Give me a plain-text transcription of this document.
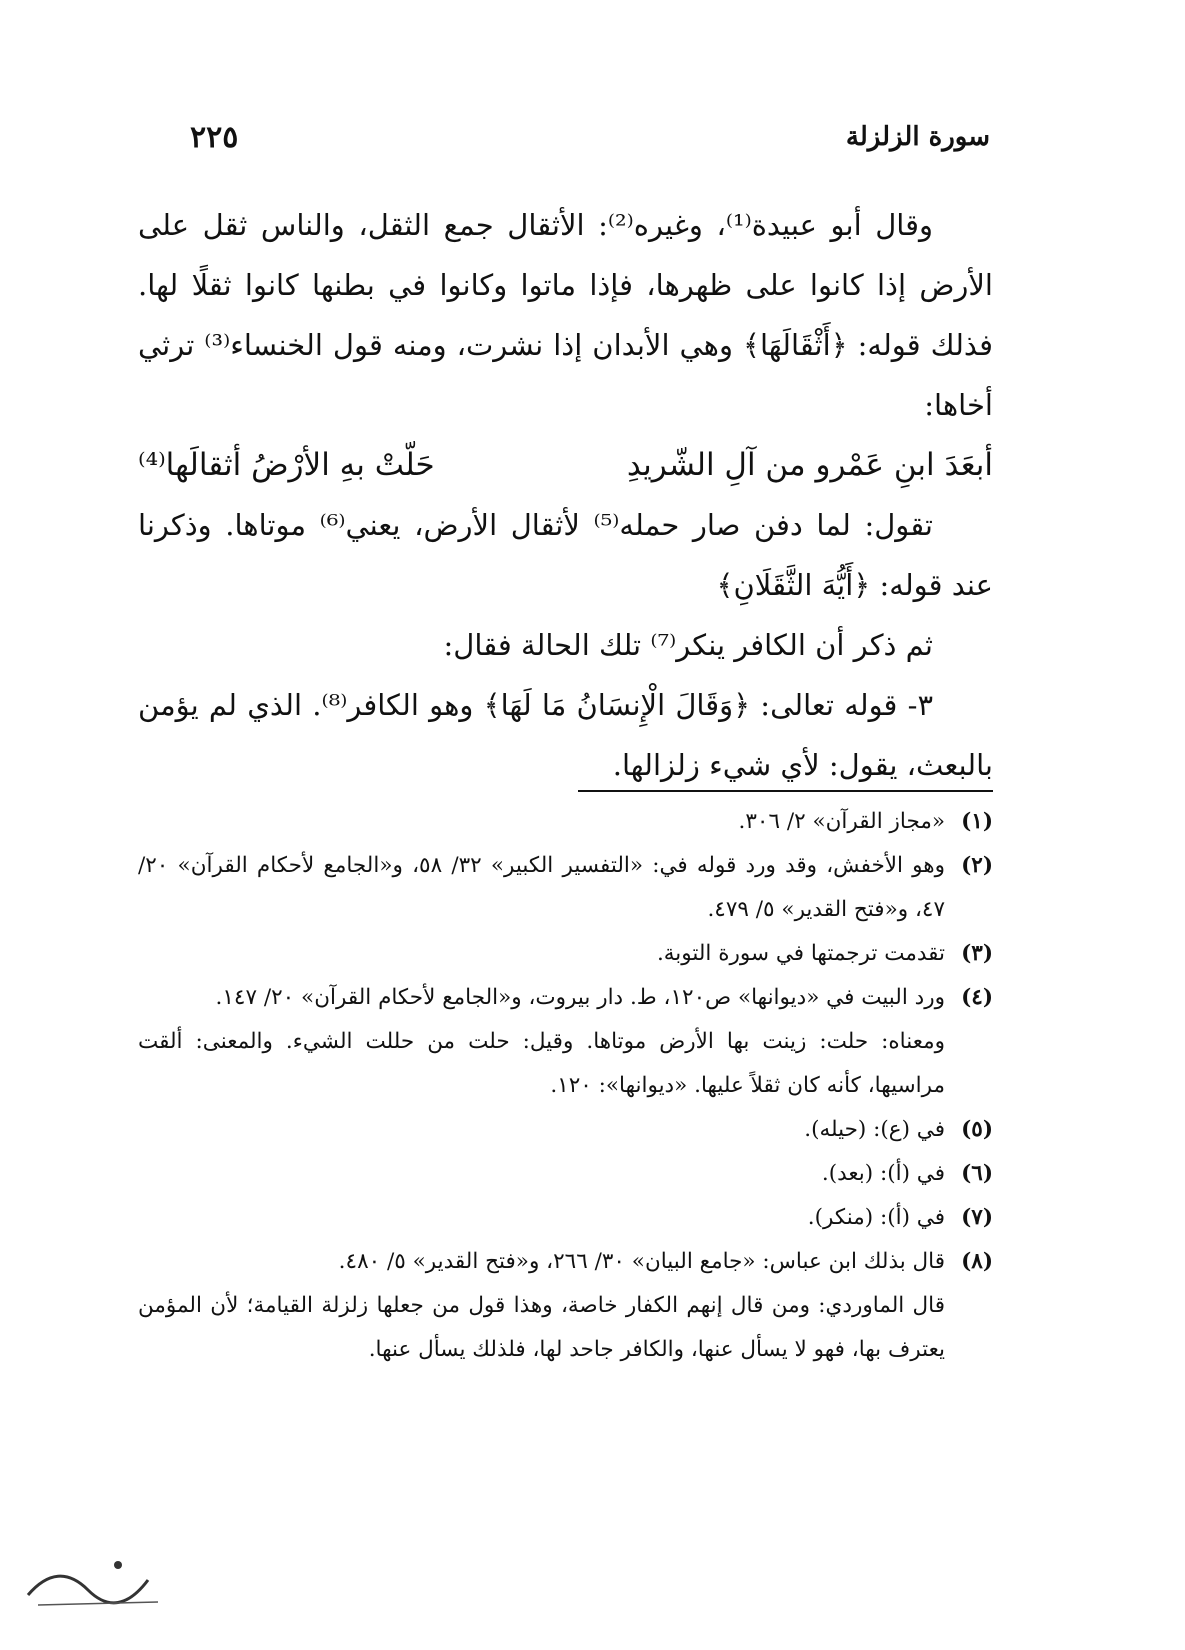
سورة الزلزلة
٢٢٥

وقال أبو عبيدة⁽¹⁾، وغيره⁽²⁾: الأثقال جمع الثقل، والناس ثقل على الأرض إذا كانوا على ظهرها، فإذا ماتوا وكانوا في بطنها كانوا ثقلًا لها. فذلك قوله: ﴿أَثْقَالَهَا﴾ وهي الأبدان إذا نشرت، ومنه قول الخنساء⁽³⁾ ترثي أخاها:

أبعَدَ ابنِ عَمْرو من آلِ الشّريدِ
حَلّتْ بهِ الأرْضُ أثقالَها⁽⁴⁾

تقول: لما دفن صار حمله⁽⁵⁾ لأثقال الأرض، يعني⁽⁶⁾ موتاها. وذكرنا عند قوله: ﴿أَيُّهَ الثَّقَلَانِ﴾

ثم ذكر أن الكافر ينكر⁽⁷⁾ تلك الحالة فقال:

٣- قوله تعالى: ﴿وَقَالَ الْإِنسَانُ مَا لَهَا﴾ وهو الكافر⁽⁸⁾. الذي لم يؤمن بالبعث، يقول: لأي شيء زلزالها.

(١)
«مجاز القرآن» ٢/ ٣٠٦.
(٢)
وهو الأخفش، وقد ورد قوله في: «التفسير الكبير» ٣٢/ ٥٨، و«الجامع لأحكام القرآن» ٢٠/ ٤٧، و«فتح القدير» ٥/ ٤٧٩.
(٣)
تقدمت ترجمتها في سورة التوبة.
(٤)
ورد البيت في «ديوانها» ص١٢٠، ط. دار بيروت، و«الجامع لأحكام القرآن» ٢٠/ ١٤٧.
ومعناه: حلت: زينت بها الأرض موتاها. وقيل: حلت من حللت الشيء. والمعنى: ألقت مراسيها، كأنه كان ثقلاً عليها. «ديوانها»: ١٢٠.
(٥)
في (ع): (حيله).
(٦)
في (أ): (بعد).
(٧)
في (أ): (منكر).
(٨)
قال بذلك ابن عباس: «جامع البيان» ٣٠/ ٢٦٦، و«فتح القدير» ٥/ ٤٨٠.
قال الماوردي: ومن قال إنهم الكفار خاصة، وهذا قول من جعلها زلزلة القيامة؛ لأن المؤمن يعترف بها، فهو لا يسأل عنها، والكافر جاحد لها، فلذلك يسأل عنها.
